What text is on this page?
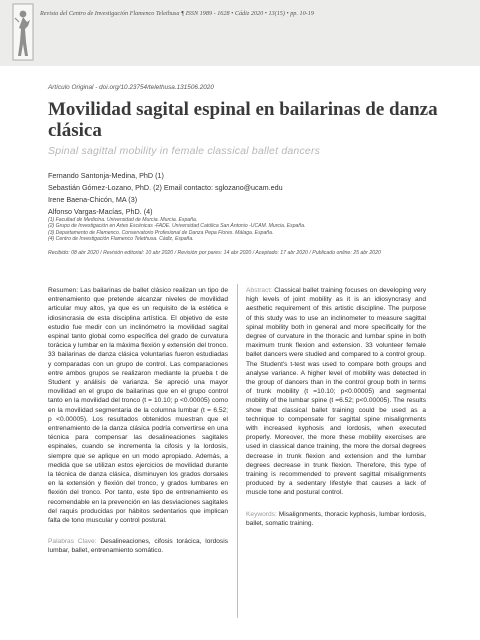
Revista del Centro de Investigación Flamenco Telethusa ¶ ISSN 1989 - 1628 • Cádiz 2020 • 13(15) • pp. 10-19
Artículo Original - doi.org/10.23754/telethusa.131506.2020
Movilidad sagital espinal en bailarinas de danza clásica
Spinal sagittal mobility in female classical ballet dancers
Fernando Santonja-Medina, PhD (1)
Sebastián Gómez-Lozano, PhD. (2) Email contacto: sglozano@ucam.edu
Irene Baena-Chicón, MA (3)
Alfonso Vargas-Macías, PhD. (4)
(1) Facultad de Medicina. Universidad de Murcia. Murcia. España.
(2) Grupo de Investigación en Artes Escénicas -FADE. Universidad Católica San Antonio -UCAM. Murcia. España.
(3) Departamento de Flamenco. Conservatorio Profesional de Danza Pepa Flores. Málaga. España.
(4) Centro de Investigación Flamenco Telethusa. Cádiz, España.
Recibido: 08 abr 2020 / Revisión editorial: 10 abr 2020 / Revisión por pares: 14 abr 2020 / Aceptado: 17 abr 2020 / Publicado online: 25 abr 2020
Resumen: Las bailarinas de ballet clásico realizan un tipo de entrenamiento que pretende alcanzar niveles de movilidad articular muy altos, ya que es un requisito de la estética e idiosincrasia de esta disciplina artística. El objetivo de este estudio fue medir con un inclinómetro la movilidad sagital espinal tanto global como específica del grado de curvatura torácica y lumbar en la máxima flexión y extensión del tronco. 33 bailarinas de danza clásica voluntarias fueron estudiadas y comparadas con un grupo de control. Las comparaciones entre ambos grupos se realizaron mediante la prueba t de Student y análisis de varianza. Se apreció una mayor movilidad en el grupo de bailarinas que en el grupo control tanto en la movilidad del tronco (t = 10.10; p <0.00005) como en la movilidad segmentaria de la columna lumbar (t = 6.52; p <0.00005). Los resultados obtenidos muestran que el entrenamiento de la danza clásica podría convertirse en una técnica para compensar las desalineaciones sagitales espinales, cuando se incrementa la cifosis y la lordosis, siempre que se aplique en un modo apropiado. Además, a medida que se utilizan estos ejercicios de movilidad durante la técnica de danza clásica, disminuyen los grados dorsales en la extensión y flexión del tronco, y grados lumbares en flexión del tronco. Por tanto, este tipo de entrenamiento es recomendable en la prevención en las desviaciones sagitales del raquis producidas por hábitos sedentarios que implican falta de tono muscular y control postural.
Palabras Clave: Desalineaciones, cifosis torácica, lordosis lumbar, ballet, entrenamiento somático.
Abstract: Classical ballet training focuses on developing very high levels of joint mobility as it is an idiosyncrasy and aesthetic requirement of this artistic discipline. The purpose of this study was to use an inclinometer to measure sagittal spinal mobility both in general and more specifically for the degree of curvature in the thoracic and lumbar spine in both maximum trunk flexion and extension. 33 volunteer female ballet dancers were studied and compared to a control group. The Student's t-test was used to compare both groups and analyse variance. A higher level of mobility was detected in the group of dancers than in the control group both in terms of trunk mobility (t =10.10; p<0.00005) and segmental mobility of the lumbar spine (t =6.52; p<0.00005). The results show that classical ballet training could be used as a technique to compensate for sagittal spine misalignments with increased kyphosis and lordosis, when executed properly. Moreover, the more these mobility exercises are used in classical dance training, the more the dorsal degrees decrease in trunk flexion and extension and the lumbar degrees decrease in trunk flexion. Therefore, this type of training is recommended to prevent sagittal misalignments produced by a sedentary lifestyle that causes a lack of muscle tone and postural control.
Keywords: Misalignments, thoracic kyphosis, lumbar lordosis, ballet, somatic training.
